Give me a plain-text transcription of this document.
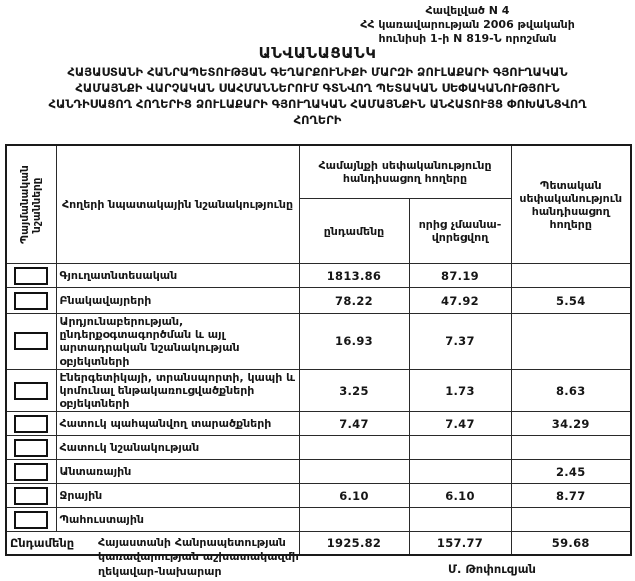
Հավելված N 4
ՀՀ կառավարության 2006 թվականի
հունիսի 1-ի N 819-Ն որոշման
ԱՆՎԱՆԱՑԱՆԿ
ՀԱՅԱՍՏԱՆԻ ՀԱՆՐԱՊԵՏՈՒԹՅԱՆ ԳԵՂԱՐՔՈՒՆԻՔԻ ՄԱՐԶԻ ՁՈՒԼԱՔԱՐԻ ԳՅՈՒՂԱԿԱՆ
ՀԱՄԱՅՆՔԻ ՎԱՐՉԱԿԱՆ ՍԱՀՄԱՆՆԵՐՈՒՄ ԳՏՆՎՈՂ ՊԵՏԱԿԱՆ ՍԵՓԱԿԱՆՈՒԹՅՈՒՆ
ՀԱՆԴԻՍԱՑՈՂ ՀՈՂԵՐԻՑ ՁՈՒԼԱՔԱՐԻ ԳՅՈՒՂԱԿԱՆ ՀԱՄԱՅՆՔԻՆ ԱՆՀԱՏՈՒՅՑ ՓՈԽԱՆՑՎՈՂ
ՀՈՂԵՐԻ
Պայմանական նշանները	Հողերի նպատակային նշանակությունը	Համայնքի սեփականությունը հանդիսացող հողերը		Պետական սեփականություն հանդիսացող հողերը
		ընդամենը	որից չմասնա-վորեցվող	

	Գյուղատնտեսական	1813.86	87.19	

	Բնակավայրերի	78.22	47.92	5.54

	Արդյունաբերության, ընդերքօգտագործման և այլ արտադրական նշանակության օբյեկտների	16.93	7.37	

	Էներգետիկայի, տրանսպորտի, կապի և կոմունալ ենթակառուցվածքների օբյեկտների	3.25	1.73	8.63

	Հատուկ պահպանվող տարածքների	7.47	7.47	34.29

	Հատուկ նշանակության			

	Անտառային			2.45

	Ջրային	6.10	6.10	8.77

	Պահուստային			
Ընդամենը		1925.82	157.77	59.68
Հայաստանի Հանրապետության
կառավարության աշխատակազմի
ղեկավար-նախարար	Մ. Թոփուզյան
